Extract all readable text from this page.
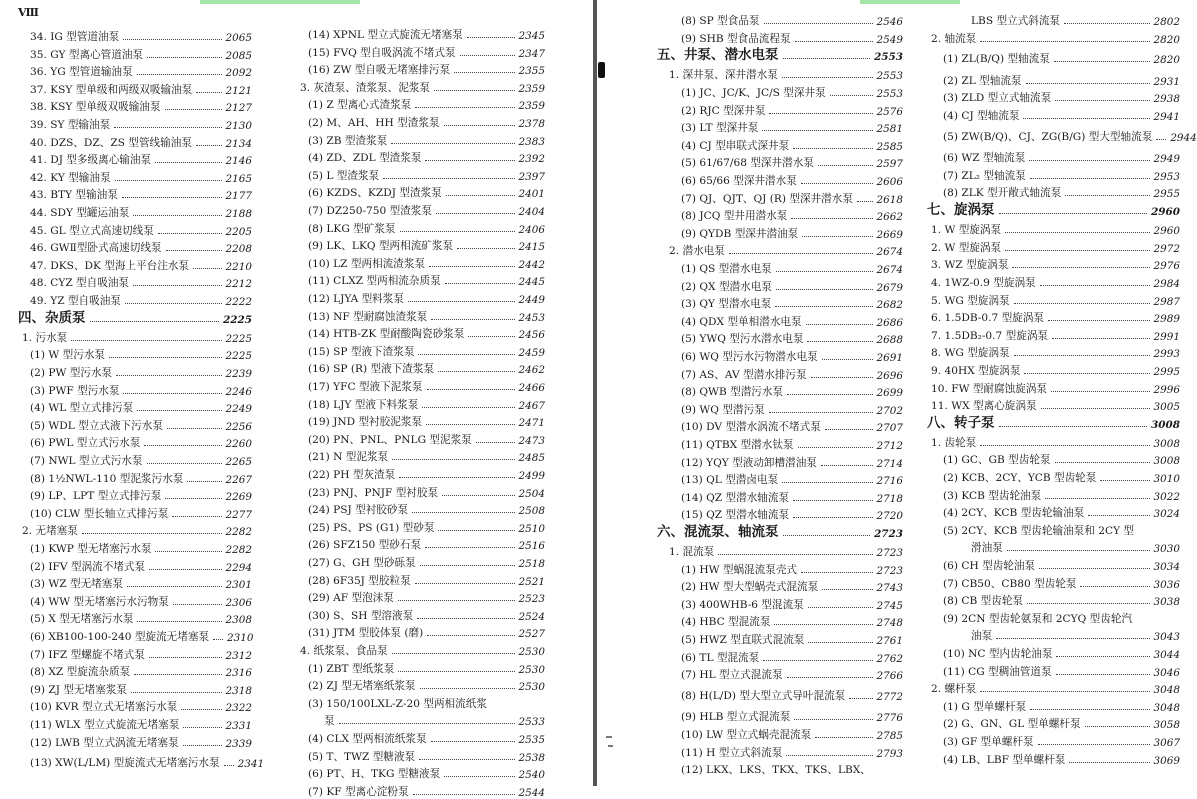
Ⅷ
34. IG 型管道油泵	2065
35. GY 型离心管道油泵	2085
36. YG 型管道输油泵	2092
37. KSY 型单级和两级双吸输油泵	2121
38. KSY 型单级双吸输油泵	2127
39. SY 型输油泵	2130
40. DZS、DZ、ZS 型管线输油泵	2134
41. DJ 型多级离心输油泵	2146
42. KY 型输油泵	2165
43. BTY 型输油泵	2177
44. SDY 型罐运油泵	2188
45. GL 型立式高速切线泵	2205
46. GWⅡ型卧式高速切线泵	2208
47. DKS、DK 型海上平台注水泵	2210
48. CYZ 型自吸油泵	2212
49. YZ 型自吸油泵	2222
四、杂质泵	2225
1. 污水泵	2225
(1) W 型污水泵	2225
(2) PW 型污水泵	2239
(3) PWF 型污水泵	2246
(4) WL 型立式排污泵	2249
(5) WDL 型立式液下污水泵	2256
(6) PWL 型立式污水泵	2260
(7) NWL 型立式污水泵	2265
(8) 1½NWL-110 型泥浆污水泵	2267
(9) LP、LPT 型立式排污泵	2269
(10) CLW 型长轴立式排污泵	2277
2. 无堵塞泵	2282
(1) KWP 型无堵塞污水泵	2282
(2) IFV 型涡流不堵式泵	2294
(3) WZ 型无堵塞泵	2301
(4) WW 型无堵塞污水污物泵	2306
(5) X 型无堵塞污水泵	2308
(6) XB100-100-240 型旋流无堵塞泵 2310
(7) IFZ 型螺旋不堵式泵	2312
(8) XZ 型旋流杂质泵	2316
(9) ZJ 型无堵塞浆泵	2318
(10) KVR 型立式无堵塞污水泵	2322
(11) WLX 型立式旋流无堵塞泵	2331
(12) LWB 型立式涡流无堵塞泵	2339
(13) XW(L/LM) 型旋流式无堵塞污水泵 2341
(14) XPNL 型立式旋流无堵塞泵	2345
(15) FVQ 型自吸涡流不堵式泵	2347
(16) ZW 型自吸无堵塞排污泵	2355
3. 灰渣泵、渣浆泵、泥浆泵	2359
(1) Z 型离心式渣浆泵	2359
(2) M、AH、HH 型渣浆泵	2378
(3) ZB 型渣浆泵	2383
(4) ZD、ZDL 型渣浆泵	2392
(5) L 型渣浆泵	2397
(6) KZDS、KZDJ 型渣浆泵	2401
(7) DZ250-750 型渣浆泵	2404
(8) LKG 型矿浆泵	2406
(9) LK、LKQ 型两相流矿浆泵	2415
(10) LZ 型两相流渣浆泵	2442
(11) CLXZ 型两相流杂质泵	2445
(12) LJYA 型料浆泵	2449
(13) NF 型耐腐蚀渣浆泵	2453
(14) HTB-ZK 型耐酸陶瓷砂浆泵	2456
(15) SP 型液下渣浆泵	2459
(16) SP (R) 型液下渣浆泵	2462
(17) YFC 型液下泥浆泵	2466
(18) LJY 型液下料浆泵	2467
(19) JND 型衬胶泥浆泵	2471
(20) PN、PNL、PNLG 型泥浆泵	2473
(21) N 型泥浆泵	2485
(22) PH 型灰渣泵	2499
(23) PNJ、PNJF 型衬胶泵	2504
(24) PSJ 型衬胶砂泵	2508
(25) PS、PS (G1) 型砂泵	2510
(26) SFZ150 型砂石泵	2516
(27) G、GH 型砂砾泵	2518
(28) 6F35J 型胶粒泵	2521
(29) AF 型泡沫泵	2523
(30) S、SH 型溶液泵	2524
(31) JTM 型胶体泵 (磨)	2527
4. 纸浆泵、食品泵	2530
(1) ZBT 型纸浆泵	2530
(2) ZJ 型无堵塞纸浆泵	2530
(3) 150/100LXL-Z-20 型两相流纸浆
泵	2533
(4) CLX 型两相流纸浆泵	2535
(5) T、TWZ 型糖液泵	2538
(6) PT、H、TKG 型糖液泵	2540
(7) KF 型离心淀粉泵	2544
(8) SP 型食品泵	2546
(9) SHB 型食品流程泵	2549
五、井泵、潜水电泵	2553
1. 深井泵、深井潜水泵	2553
(1) JC、JC/K、JC/S 型深井泵	2553
(2) RJC 型深井泵	2576
(3) LT 型深井泵	2581
(4) CJ 型串联式深井泵	2585
(5) 61/67/68 型深井潜水泵	2597
(6) 65/66 型深井潜水泵	2606
(7) QJ、QJT、QJ (R) 型深井潜水泵 2618
(8) JCQ 型井用潜水泵	2662
(9) QYDB 型深井潜油泵	2669
2. 潜水电泵	2674
(1) QS 型潜水电泵	2674
(2) QX 型潜水电泵	2679
(3) QY 型潜水电泵	2682
(4) QDX 型单相潜水电泵	2686
(5) YWQ 型污水潜水电泵	2688
(6) WQ 型污水污物潜水电泵	2691
(7) AS、AV 型潜水排污泵	2696
(8) QWB 型潜污水泵	2699
(9) WQ 型潜污泵	2702
(10) DV 型潜水涡流不堵式泵	2707
(11) QTBX 型潜水钛泵	2712
(12) YQY 型液动卸槽潜油泵	2714
(13) QL 型潜卤电泵	2716
(14) QZ 型潜水轴流泵	2718
(15) QZ 型潜水轴流泵	2720
六、混流泵、轴流泵	2723
1. 混流泵	2723
(1) HW 型蜗混流泵壳式	2723
(2) HW 型大型蜗壳式混流泵	2743
(3) 400WHB-6 型混流泵	2745
(4) HBC 型混流泵	2748
(5) HWZ 型直联式混流泵	2761
(6) TL 型混流泵	2762
(7) HL 型立式混流泵	2766
(8) H(L/D) 型大型立式导叶混流泵	2772
(9) HLB 型立式混流泵	2776
(10) LW 型立式蜗壳混流泵	2785
(11) H 型立式斜流泵	2793
(12) LKX、LKS、TKX、TKS、LBX、
LBS 型立式斜流泵	2802
2. 轴流泵	2820
(1) ZL(B/Q) 型轴流泵	2820
(2) ZL 型轴流泵	2931
(3) ZLD 型立式轴流泵	2938
(4) CJ 型轴流泵	2941
(5) ZW(B/Q)、CJ、ZG(B/G) 型大型轴流泵 2944
(6) WZ 型轴流泵	2949
(7) ZL₂ 型轴流泵	2953
(8) ZLK 型开敞式轴流泵	2955
七、旋涡泵	2960
1. W 型旋涡泵	2960
2. W 型旋涡泵	2972
3. WZ 型旋涡泵	2976
4. 1WZ-0.9 型旋涡泵	2984
5. WG 型旋涡泵	2987
6. 1.5DB-0.7 型旋涡泵	2989
7. 1.5DB₂-0.7 型旋涡泵	2991
8. WG 型旋涡泵	2993
9. 40HX 型旋涡泵	2995
10. FW 型耐腐蚀旋涡泵	2996
11. WX 型离心旋涡泵	3005
八、转子泵	3008
1. 齿轮泵	3008
(1) GC、GB 型齿轮泵	3008
(2) KCB、2CY、YCB 型齿轮泵	3010
(3) KCB 型齿轮油泵	3022
(4) 2CY、KCB 型齿轮输油泵	3024
(5) 2CY、KCB 型齿轮输油泵和 2CY 型
滑油泵	3030
(6) CH 型齿轮油泵	3034
(7) CB50、CB80 型齿轮泵	3036
(8) CB 型齿轮泵	3038
(9) 2CN 型齿轮氨泵和 2CYQ 型齿轮汽
油泵	3043
(10) NC 型内齿轮油泵	3044
(11) CG 型稠油管道泵	3046
2. 螺杆泵	3048
(1) G 型单螺杆泵	3048
(2) G、GN、GL 型单螺杆泵	3058
(3) GF 型单螺杆泵	3067
(4) LB、LBF 型单螺杆泵	3069
